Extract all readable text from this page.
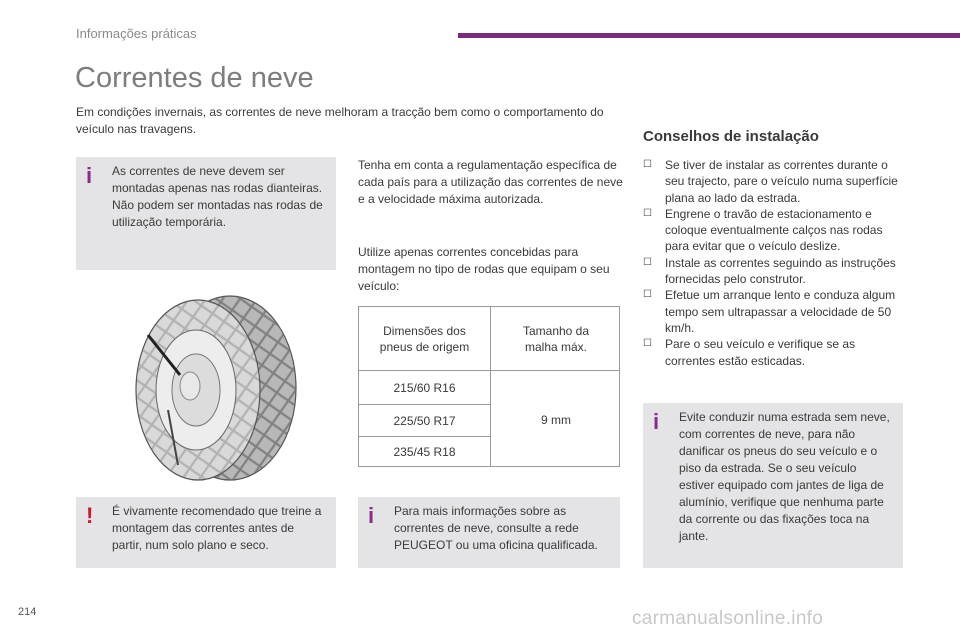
Informações práticas
Correntes de neve

Em condições invernais, as correntes de neve melhoram a tracção bem como o comportamento do veículo nas travagens.

i As correntes de neve devem ser montadas apenas nas rodas dianteiras. Não podem ser montadas nas rodas de utilização temporária.

! É vivamente recomendado que treine a montagem das correntes antes de partir, num solo plano e seco.

Tenha em conta a regulamentação específica de cada país para a utilização das correntes de neve e a velocidade máxima autorizada.

Utilize apenas correntes concebidas para montagem no tipo de rodas que equipam o seu veículo:

Dimensões dos pneus de origem
Tamanho da malha máx.
215/60 R16
225/50 R17
235/45 R18
9 mm
i Para mais informações sobre as correntes de neve, consulte a rede PEUGEOT ou uma oficina qualificada.

Conselhos de instalação
☐ Se tiver de instalar as correntes durante o seu trajecto, pare o veículo numa superfície plana ao lado da estrada.
☐ Engrene o travão de estacionamento e coloque eventualmente calços nas rodas para evitar que o veículo deslize.
☐ Instale as correntes seguindo as instruções fornecidas pelo construtor.
☐ Efetue um arranque lento e conduza algum tempo sem ultrapassar a velocidade de 50 km/h.
☐ Pare o seu veículo e verifique se as correntes estão esticadas.
i Evite conduzir numa estrada sem neve, com correntes de neve, para não danificar os pneus do seu veículo e o piso da estrada. Se o seu veículo estiver equipado com jantes de liga de alumínio, verifique que nenhuma parte da corrente ou das fixações toca na jante.

214	carmanualsonline.info
